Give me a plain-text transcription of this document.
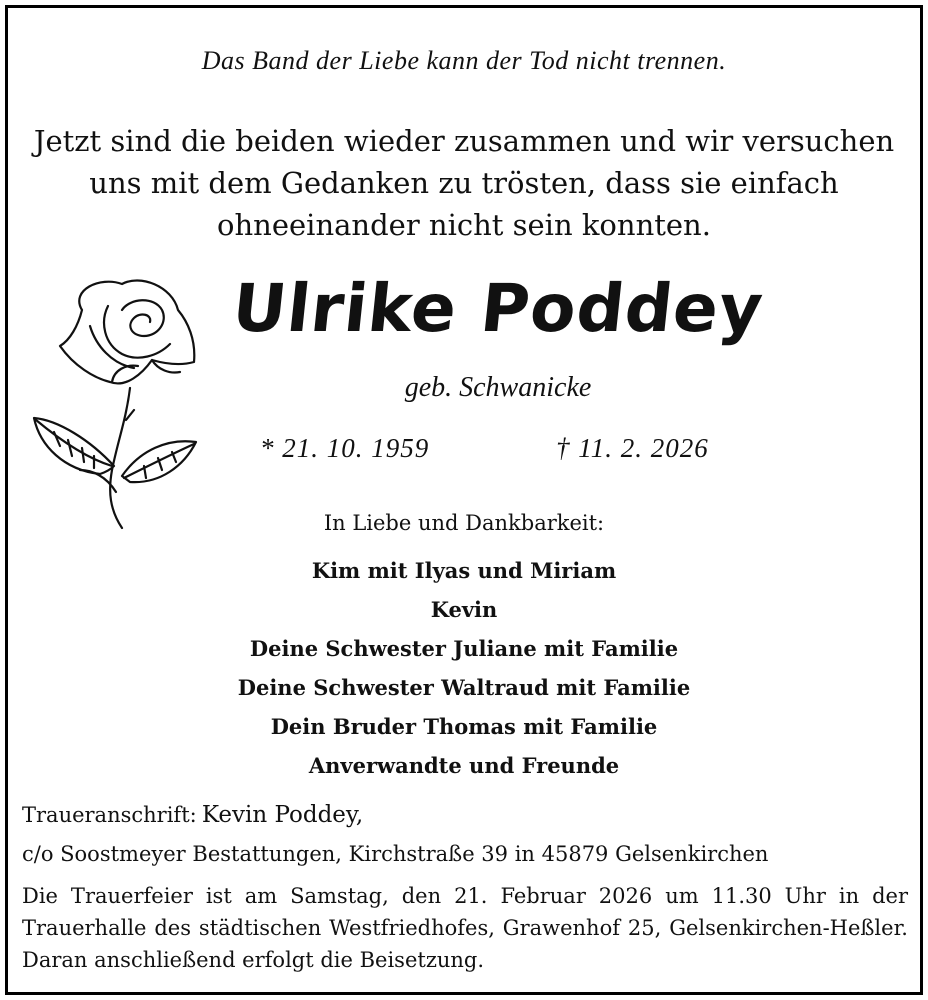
Das Band der Liebe kann der Tod nicht trennen.
Jetzt sind die beiden wieder zusammen und wir versuchen
uns mit dem Gedanken zu trösten, dass sie einfach
ohneeinander nicht sein konnten.
Ulrike Poddey
geb. Schwanicke
* 21. 10. 1959	† 11. 2. 2026
In Liebe und Dankbarkeit:
Kim mit Ilyas und Miriam
Kevin
Deine Schwester Juliane mit Familie
Deine Schwester Waltraud mit Familie
Dein Bruder Thomas mit Familie
Anverwandte und Freunde
Traueranschrift: Kevin Poddey,
c/o Soostmeyer Bestattungen, Kirchstraße 39 in 45879 Gelsenkirchen
Die Trauerfeier ist am Samstag, den 21. Februar 2026 um 11.30 Uhr in der Trauerhalle des städtischen Westfriedhofes, Grawenhof 25, Gelsenkirchen-Heßler. Daran anschließend erfolgt die Beisetzung.
